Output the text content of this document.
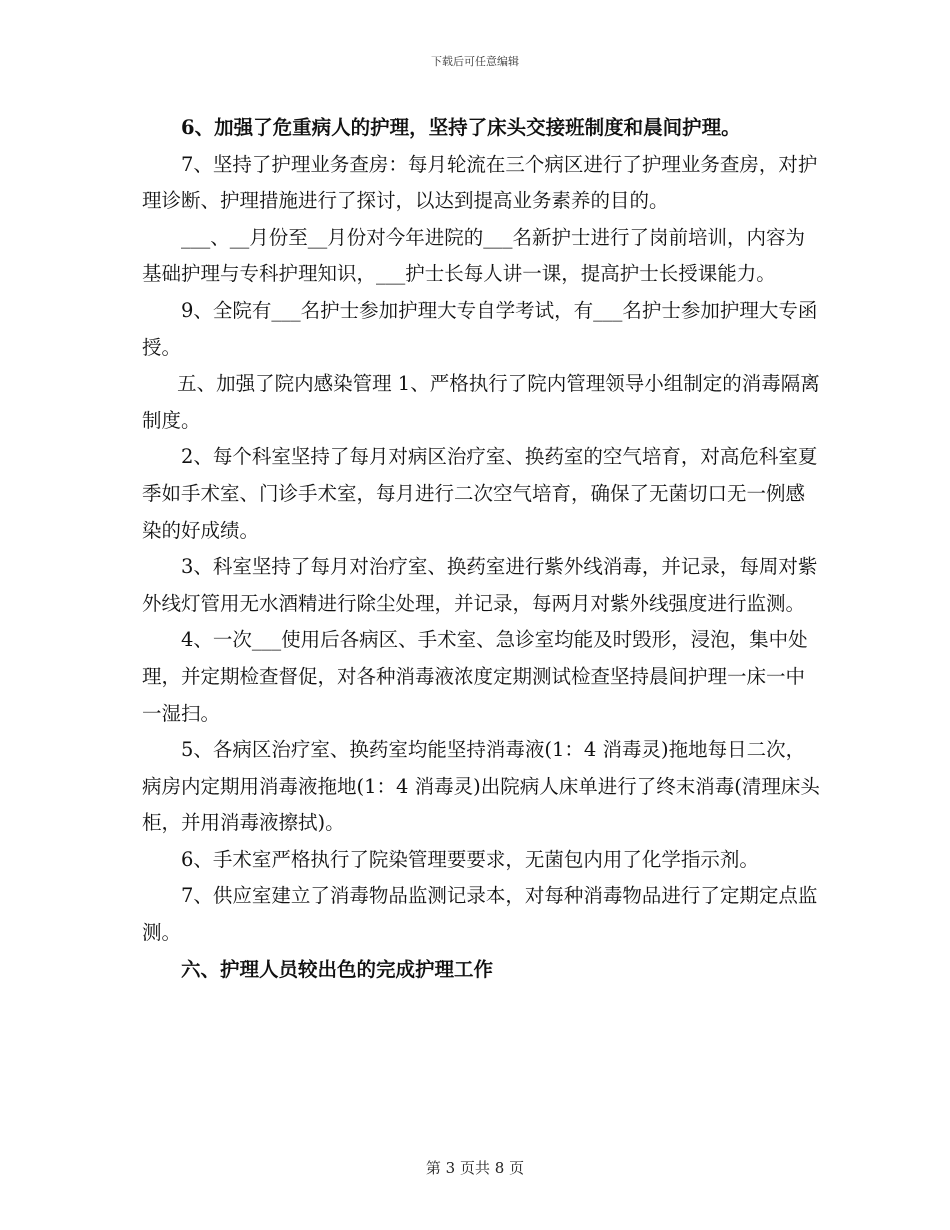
下载后可任意编辑

6、加强了危重病人的护理，坚持了床头交接班制度和晨间护理。

7、坚持了护理业务查房：每月轮流在三个病区进行了护理业务查房，对护理诊断、护理措施进行了探讨，以达到提高业务素养的目的。

___、__月份至__月份对今年进院的___名新护士进行了岗前培训，内容为基础护理与专科护理知识，___护士长每人讲一课，提高护士长授课能力。

9、全院有___名护士参加护理大专自学考试，有___名护士参加护理大专函授。

五、加强了院内感染管理 1、严格执行了院内管理领导小组制定的消毒隔离制度。

2、每个科室坚持了每月对病区治疗室、换药室的空气培育，对高危科室夏季如手术室、门诊手术室，每月进行二次空气培育，确保了无菌切口无一例感染的好成绩。

3、科室坚持了每月对治疗室、换药室进行紫外线消毒，并记录，每周对紫外线灯管用无水酒精进行除尘处理，并记录，每两月对紫外线强度进行监测。

4、一次___使用后各病区、手术室、急诊室均能及时毁形，浸泡，集中处理，并定期检查督促，对各种消毒液浓度定期测试检查坚持晨间护理一床一中一湿扫。

5、各病区治疗室、换药室均能坚持消毒液(1：4 消毒灵)拖地每日二次，病房内定期用消毒液拖地(1：4 消毒灵)出院病人床单进行了终末消毒(清理床头柜，并用消毒液擦拭)。

6、手术室严格执行了院染管理要要求，无菌包内用了化学指示剂。

7、供应室建立了消毒物品监测记录本，对每种消毒物品进行了定期定点监测。

六、护理人员较出色的完成护理工作

第 3 页共 8 页
